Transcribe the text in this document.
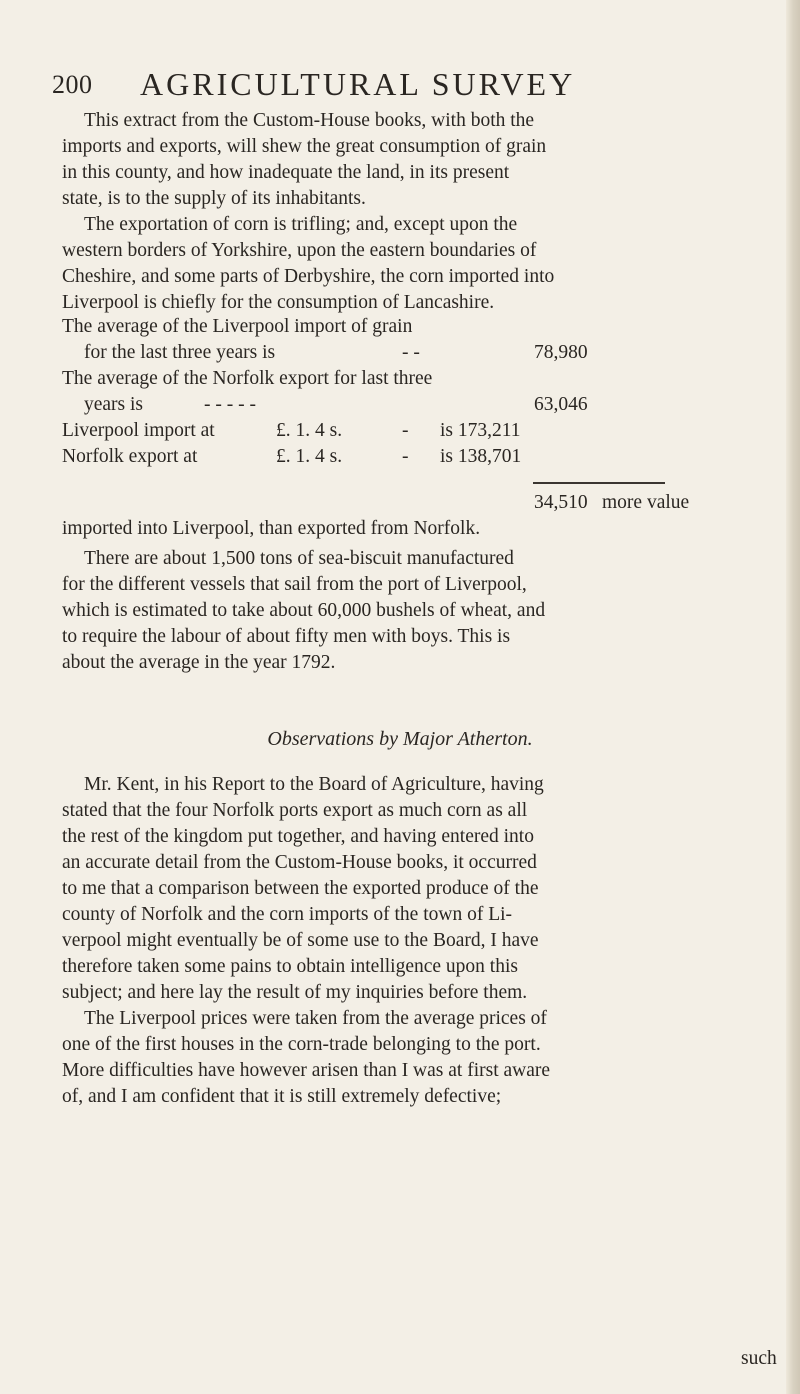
200 AGRICULTURAL SURVEY
This extract from the Custom-House books, with both the
imports and exports, will shew the great consumption of grain
in this county, and how inadequate the land, in its present
state, is to the supply of its inhabitants.
The exportation of corn is trifling; and, except upon the
western borders of Yorkshire, upon the eastern boundaries of
Cheshire, and some parts of Derbyshire, the corn imported into
Liverpool is chiefly for the consumption of Lancashire.
The average of the Liverpool import of grain
for the last three years is	- -	78,980
The average of the Norfolk export for last three
years is	- - - - -	63,046
Liverpool import at	£. 1. 4 s.	- is 173,211
Norfolk export at	£. 1. 4 s.	- is 138,701
34,510 more value
imported into Liverpool, than exported from Norfolk.
There are about 1,500 tons of sea-biscuit manufactured
for the different vessels that sail from the port of Liverpool,
which is estimated to take about 60,000 bushels of wheat, and
to require the labour of about fifty men with boys. This is
about the average in the year 1792.
Observations by Major Atherton.
Mr. Kent, in his Report to the Board of Agriculture, having
stated that the four Norfolk ports export as much corn as all
the rest of the kingdom put together, and having entered into
an accurate detail from the Custom-House books, it occurred
to me that a comparison between the exported produce of the
county of Norfolk and the corn imports of the town of Li-
verpool might eventually be of some use to the Board, I have
therefore taken some pains to obtain intelligence upon this
subject; and here lay the result of my inquiries before them.
The Liverpool prices were taken from the average prices of
one of the first houses in the corn-trade belonging to the port.
More difficulties have however arisen than I was at first aware
of, and I am confident that it is still extremely defective;
such
